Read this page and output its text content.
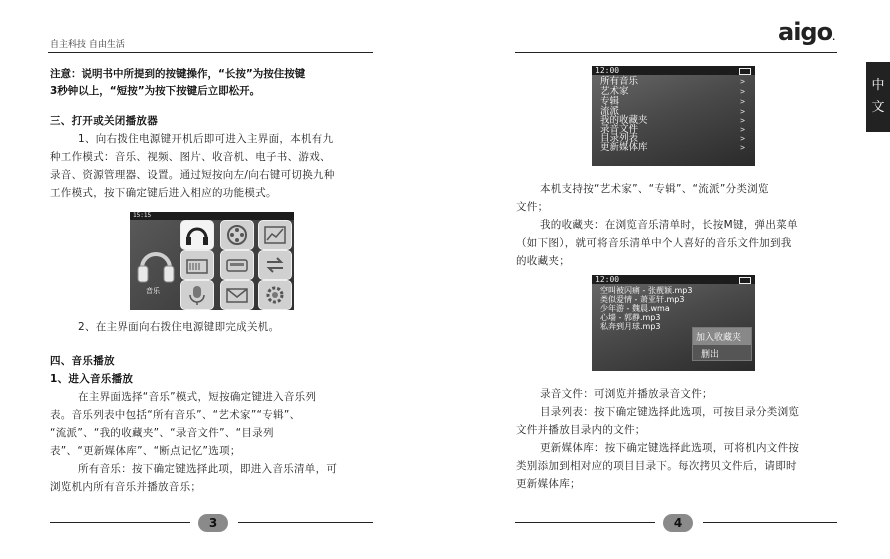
自主科技 自由生活	aigo.
中
文
注意：说明书中所提到的按键操作，“长按”为按住按键
3秒钟以上，“短按”为按下按键后立即松开。
三、打开或关闭播放器
1、向右拨住电源键开机后即可进入主界面，本机有九
种工作模式：音乐、视频、图片、收音机、电子书、游戏、
录音、资源管理器、设置。通过短按向左/向右键可切换九种
工作模式，按下确定键后进入相应的功能模式。
15:15
音乐
2、在主界面向右拨住电源键即完成关机。
四、音乐播放
1、进入音乐播放
在主界面选择“音乐”模式，短按确定键进入音乐列
表。音乐列表中包括“所有音乐”、“艺术家”“专辑”、
“流派”、“我的收藏夹”、“录音文件”、“目录列
表”、“更新媒体库”、“断点记忆”选项；
所有音乐：按下确定键选择此项，即进入音乐清单，可
浏览机内所有音乐并播放音乐；
3
12:00
所有音乐
艺术家
专辑
流派
我的收藏夹
录音文件
目录列表
更新媒体库
>
>
>
>
>
>
>
>
本机支持按“艺术家”、“专辑”、“流派”分类浏览
文件；
我的收藏夹：在浏览音乐清单时，长按M键，弹出菜单
（如下图），就可将音乐清单中个人喜好的音乐文件加到我
的收藏夹；
12:00
空叫被闪痛 - 张靓颖.mp3
类似爱情 - 萧亚轩.mp3
少年游 - 魏晨.wma
心墙 - 郭静.mp3
私奔到月球.mp3
加入收藏夹
删出
录音文件：可浏览并播放录音文件；
目录列表：按下确定键选择此选项，可按目录分类浏览
文件并播放目录内的文件；
更新媒体库：按下确定键选择此选项，可将机内文件按
类别添加到相对应的项目目录下。每次拷贝文件后，请即时
更新媒体库；
4
